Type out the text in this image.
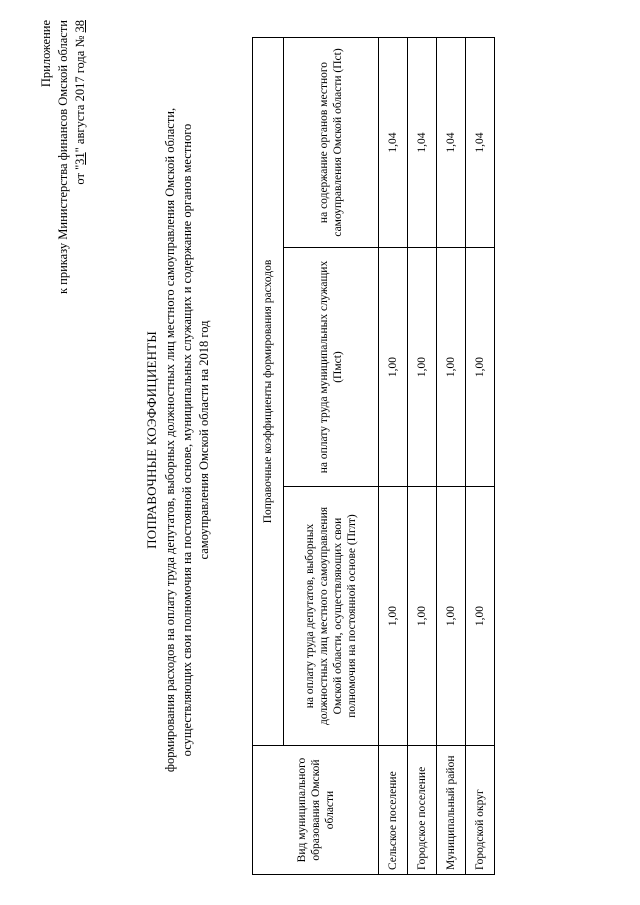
Приложение к приказу Министерства финансов Омской области от "31" августа 2017 года № 38
ПОПРАВОЧНЫЕ КОЭФФИЦИЕНТЫ формирования расходов на оплату труда депутатов, выборных должностных лиц местного самоуправления Омской области, осуществляющих свои полномочия на постоянной основе, муниципальных служащих и содержание органов местного самоуправления Омской области на 2018 год
Вид муниципального образования Омской области	Поправочные коэффициенты формирования расходов		
	на оплату труда депутатов, выборных должностных лиц местного самоуправления Омской области, осуществляющих свои полномочия на постоянной основе (Пглт)	на оплату труда муниципальных служащих (Пмсt)	на содержание органов местного самоуправления Омской области (Пct)
Сельское поселение	1,00	1,00	1,04
Городское поселение	1,00	1,00	1,04
Муниципальный район	1,00	1,00	1,04
Городской округ	1,00	1,00	1,04
